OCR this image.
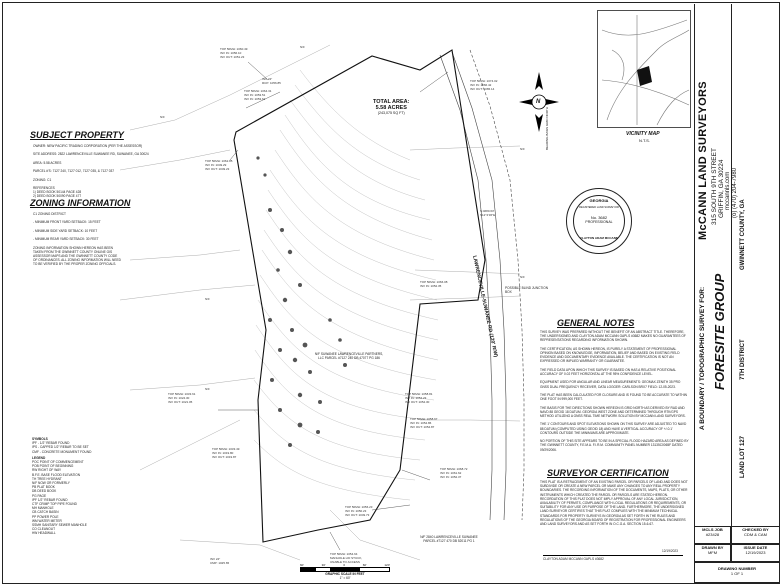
SUBJECT PROPERTY
OWNER: NEW PACIFIC TRADING CORPORATION (PER THE ASSESSOR)

SITE ADDRESS: 2822 LAWRENCEVILLE SUWANEE RD, SUWANEE, GA 30024

AREA: 5.58 ACRES

PARCEL #'S: 7127 240, 7127 012, 7127 035, & 7127 037

ZONING: C1

REFERENCES
1) DEED BOOK 50144 PAGE 428
2) DEED BOOK 50090 PAGE 477
ZONING INFORMATION
C1 ZONING DISTRICT

- MINIMUM FRONT YARD SETBACK: 15 FEET

- MINIMUM SIDE YARD SETBACK: 10 FEET

- MINIMUM REAR YARD SETBACK: 30 FEET

ZONING INFORMATION SHOWN HEREON HAS BEEN TAKEN FROM THE GWINNETT COUNTY ONLINE GIS ASSESSOR MAPS AND THE GWINNETT COUNTY CODE OF ORDINANCES. ALL ZONING INFORMATION WILL NEED TO BE VERIFIED BY THE PROPER ZONING OFFICIALS.
SYMBOLS
IPF - 1/2" REBAR FOUND
IPS - CAPPED 1/2" REBAR TO BE SET
CMF - CONCRETE MONUMENT FOUND
LEGEND
POC POINT OF COMMENCEMENT
POB POINT OF BEGINNING
RW RIGHT OF WAY
B.F.E. BASE FLOOD ELEVATION
TH TREE HYDRANT
N/F NOW OR FORMERLY
PB PLAT BOOK
DB DEED BOOK
PG PAGE
IPF 1/2" REBAR FOUND
CTF CRIMP TOP PIPE FOUND
MH MANHOLE
CB CATCH BASIN
PP POWER POLE
WM WATER METER
SSMH SANITARY SEWER MANHOLE
CO CLEANOUT
HW HEADWALL
TOP 50MH: 1060.49
INV IN: 1056.10
INV OUT: 1051.23
INV 24"
RCP: 1056.85
TOP 50MH: 1064.31
INV IN: 1053.51
INV IN: 1053.61
TOP 50MH: 1074.02
INV IN: 1066.42
INV OUT: 1065.14
TOP 50MH: 1062.85
INV IN: 1049.29
INV OUT: 1049.23
S:4680.63'
S12°4'36"E
TOP 50MH: 1066.08
INV IN: 1052.35
TOP 50MH: 1033.61
INV IN: 1024.30
INV OUT: 1021.05
TOP 50MH: 1058.81
INV IN: 1054.23
INV OUT: 1054.30
TOP 50MH: 1058.67
INV IN: 1054.86
INV OUT: 1054.87
TOP 50MH: 1068.72
INV IN: 1061.62
INV IN: 1052.37
TOP 50MH: 1056.23
INV IN: 1050.23
INV OUT: 1049.73
TOP 50MH: 1033.49
INV IN: 1019.80
INV OUT: 1019.87
TOP 50MH: 1054.64
MANHOLE LID STUCK,
UNABLE TO ACCESS
INV 24"
CMP: 1025.65
N/F
N/F
N/F
N/F
N/F
N/F
TOTAL AREA:
5.58 ACRES
(243,075 SQ FT)
LAWRENCEVILLE-SUWANEE RD (120' R/W)
N/F SUWANEE LAWRENCEVILLE PARTNERS, LLC PARCEL #7127 240 DB 47077 PG 186
N/F 2840 LAWRENCEVILLE SUWANEE PARCEL #7127 470 DB 52011 PG 1
POSSIBLE BLIND JUNCTION BOX
60'	30'	0	60'	120'
GRAPHIC SCALE IN FEET
1" = 60'
N
BEARING BASIS GRID NORTH
GEORGIA
No. 3682
PROFESSIONAL
REGISTERED LAND SURVEYOR
CLAYTON ADAM MCCANN
GENERAL NOTES
THIS SURVEY WAS PREPARED WITHOUT THE BENEFIT OF AN ABSTRACT TITLE. THEREFORE, THE UNDERSIGNED AND CLAYTON ADAM MCCANN GAPLS #3682 MAKES NO GUARANTEES OF REPRESENTATIONS REGARDING INFORMATION SHOWN.

THE CERTIFICATION, AS SHOWN HEREON, IS PURELY A STATEMENT OF PROFESSIONAL OPINION BASED ON KNOWLEDGE, INFORMATION, BELIEF AND BASED ON EXISTING FIELD EVIDENCE AND DOCUMENTARY EVIDENCE AVAILABLE. THE CERTIFICATION IS NOT AN EXPRESSED OR IMPLIED WARRANTY OR GUARANTEE.

THE FIELD DATA UPON WHICH THIS SURVEY IS BASED ON HAS A RELATIVE POSITIONAL ACCURACY OF 0.02 FEET HORIZONTAL AT THE 95% CONFIDENCE LEVEL.

EQUIPMENT USED FOR ANGULAR AND LINEAR MEASUREMENTS: GEOMAX ZENITH 35 PRO GNSS DUAL FREQUENCY RECEIVER, DATA LOGGER: CARLSON BRX7 FIELD: 12-05-2023.

THE PLAT HAS BEEN CALCULATED FOR CLOSURE AND IS FOUND TO BE ACCURATE TO WITHIN ONE FOOT IN 999,000 FEET.

THE BASIS FOR THE DIRECTIONS SHOWN HEREON IS GRID NORTH AS DERIVED BY RAD AND NAVD 88 GEOID 18 DATUM. GEORGIA WEST ZONE AND DETERMINED THROUGH RTK/GPS METHOD UTILIZING A GNSS REAL TIME NETWORK SOLUTION BY MCCANN LAND SURVEYORS.

THE 1' CONTOURS AND SPOT ELEVATIONS SHOWN ON THIS SURVEY ARE ADJUSTED TO NAVD 88 DATUM (COMPUTED USING GEOID 18) AND HAVE A VERTICAL ACCURACY OF +/-0.1' CONTOURS OUTSIDE THE MINIMUMS ARE APPROXIMATE.

NO PORTION OF THIS SITE APPEARS TO BE IN A SPECIAL FLOOD HAZARD AREA AS DEFINED BY THE GWINNETT COUNTY, F.E.M.A. F.I.R.M. COMMUNITY PANEL NUMBER 13135C0065F DATED 09/29/2006.
SURVEYOR CERTIFICATION
THIS PLAT IS A RETRACEMENT OF AN EXISTING PARCEL OR PARCELS OF LAND AND DOES NOT SUBDIVIDE OR CREATE A NEW PARCEL OR MAKE ANY CHANGES TO ANY REAL PROPERTY BOUNDARIES. THE RECORDING INFORMATION OF THE DOCUMENTS, MAPS, PLATS, OR OTHER INSTRUMENTS WHICH CREATED THE PARCEL OR PARCELS ARE STATED HEREON. RECORDATION OF THIS PLAT DOES NOT IMPLY APPROVAL OF ANY LOCAL JURISDICTION, AVAILABILITY OF PERMITS, COMPLIANCE WITH LOCAL REGULATIONS OR REQUIREMENTS, OR SUITABILITY FOR ANY USE OR PURPOSE OF THE LAND. FURTHERMORE, THE UNDERSIGNED LAND SURVEYOR CERTIFIES THAT THIS PLAT COMPLIES WITH THE MINIMUM TECHNICAL STANDARDS FOR PROPERTY SURVEYS IN GEORGIA AS SET FORTH IN THE RULES AND REGULATIONS OF THE GEORGIA BOARD OF REGISTRATION FOR PROFESSIONAL ENGINEERS AND LAND SURVEYORS AND AS SET FORTH IN O.C.G.A. SECTION 15-6-67.
CLAYTON ADAM MCCANN GAPLS #3682
12/19/2023
VICINITY MAP
N.T.S.	McCANN LAND SURVEYORS 315 SOUTH 9TH STREET GRIFFIN, GA 30224 mccannls.com (o) (470) 204-7980
A BOUNDARY / TOPOGRAPHIC SURVEY FOR: FORESITE GROUP
GWINNETT COUNTY, GA
7TH DISTRICT
LAND LOT 127
MCLS JOB
#23428
DRAWN BY
MFM
CHECKED BY
CDM & CAM
ISSUE DATE
12/19/2023
DRAWING NUMBER
1 OF 1
